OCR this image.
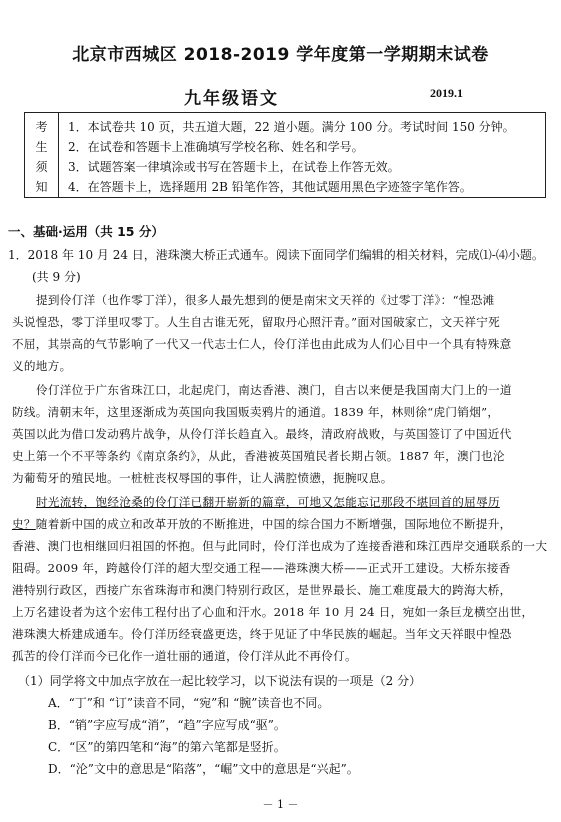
北京市西城区 2018-2019 学年度第一学期期末试卷
九年级语文	2019.1
考
生
须
知
1．本试卷共 10 页，共五道大题，22 道小题。满分 100 分。考试时间 150 分钟。
2．在试卷和答题卡上准确填写学校名称、姓名和学号。
3．试题答案一律填涂或书写在答题卡上，在试卷上作答无效。
4．在答题卡上，选择题用 2B 铅笔作答，其他试题用黑色字迹签字笔作答。
一、基础·运用（共 15 分）
1．2018 年 10 月 24 日，港珠澳大桥正式通车。阅读下面同学们编辑的相关材料，完成⑴-⑷小题。
(共 9 分)
提到伶仃洋（也作零丁洋），很多人最先想到的便是南宋文天祥的《过零丁洋》：“惶恐滩
头说惶恐，零丁洋里叹零丁。人生自古谁无死，留取丹心照汗青。”面对国破家亡，文天祥宁死
不屈，其崇高的气节影响了一代又一代志士仁人，伶仃洋也由此成为人们心目中一个具有特殊意
义的地方。
伶仃洋位于广东省珠江口，北起虎门，南达香港、澳门，自古以来便是我国南大门上的一道
防线。清朝末年，这里逐渐成为英国向我国贩卖鸦片的通道。1839 年，林则徐“虎门销烟”，
英国以此为借口发动鸦片战争，从伶仃洋长趋直入。最终，清政府战败，与英国签订了中国近代
史上第一个不平等条约《南京条约》，从此，香港被英国殖民者长期占领。1887 年，澳门也沦
为葡萄牙的殖民地。一桩桩丧权辱国的事件，让人满腔愤懑，扼腕叹息。
时光流转，饱经沧桑的伶仃洋已翻开崭新的篇章，可地又怎能忘记那段不堪回首的屈辱历
史？随着新中国的成立和改革开放的不断推进，中国的综合国力不断增强，国际地位不断提升，
香港、澳门也相继回归祖国的怀抱。但与此同时，伶仃洋也成为了连接香港和珠江西岸交通联系的一大
阻碍。2009 年，跨越伶仃洋的超大型交通工程——港珠澳大桥——正式开工建设。大桥东接香
港特别行政区，西接广东省珠海市和澳门特别行政区，是世界最长、施工难度最大的跨海大桥，
上万名建设者为这个宏伟工程付出了心血和汗水。2018 年 10 月 24 日，宛如一条巨龙横空出世，
港珠澳大桥建成通车。伶仃洋历经衰盛更迭，终于见证了中华民族的崛起。当年文天祥眼中惶恐
孤苦的伶仃洋而今已化作一道壮丽的通道，伶仃洋从此不再伶仃。
（1）同学将文中加点字放在一起比较学习，以下说法有误的一项是（2 分）
A．“丁”和 “订”读音不同，“宛”和 “腕”读音也不同。
B．“销”字应写成“消”，“趋”字应写成“驱”。
C．“区”的第四笔和“海”的第六笔都是竖折。
D．“沦”文中的意思是“陷落”，“崛”文中的意思是“兴起”。
－ 1 －
